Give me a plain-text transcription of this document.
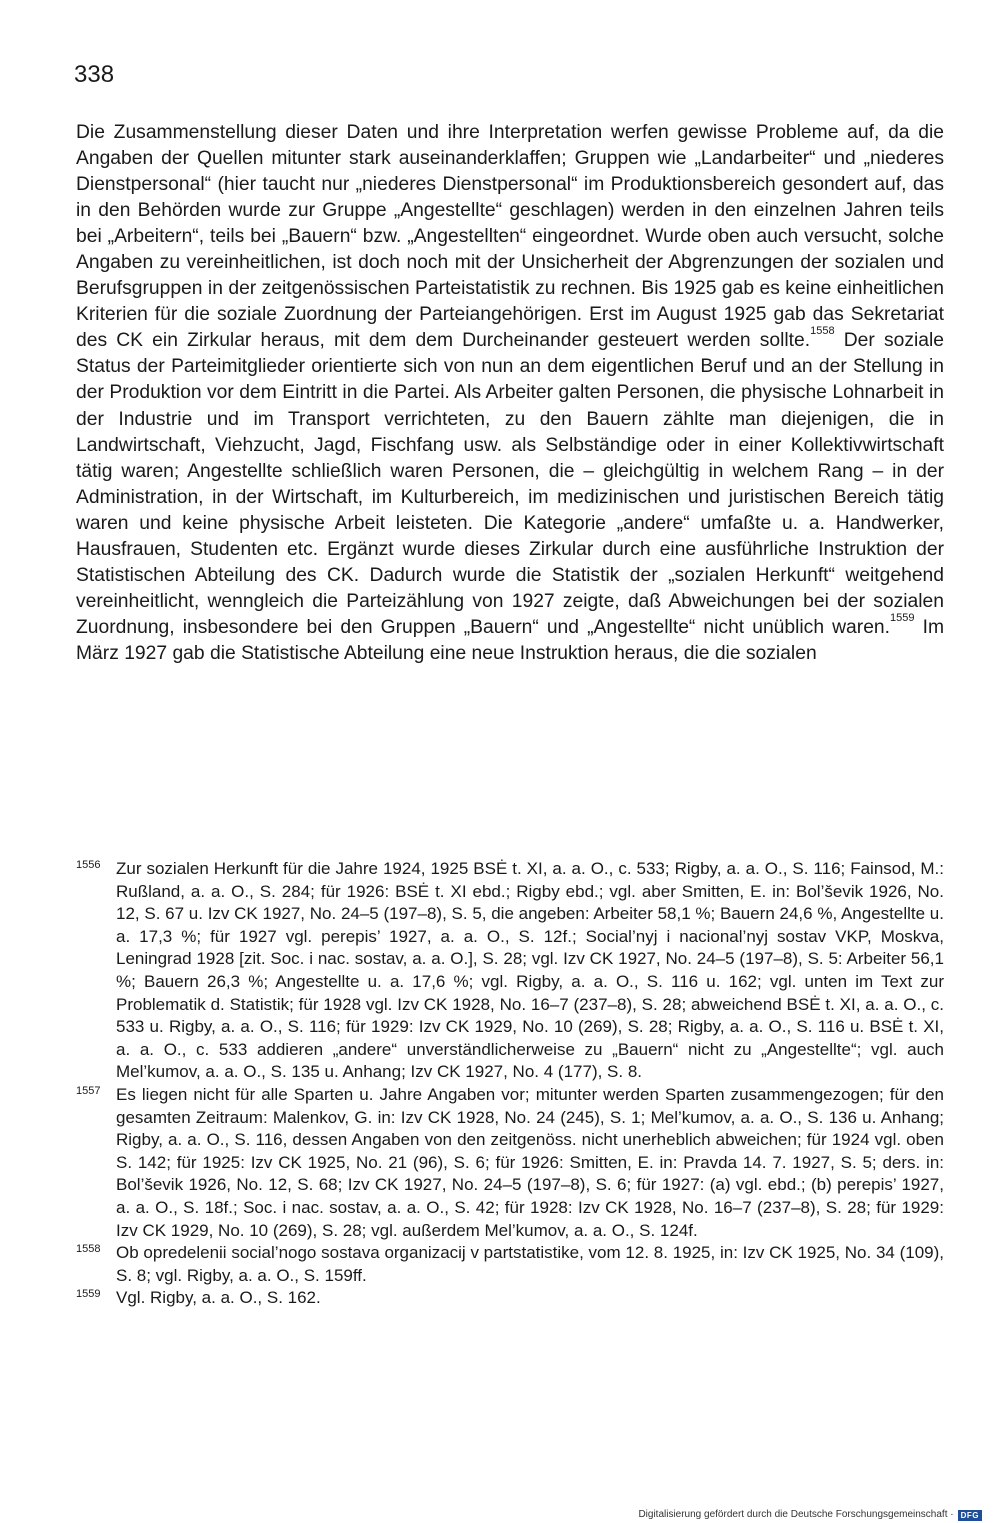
338

Die Zusammenstellung dieser Daten und ihre Interpretation werfen gewisse Probleme auf, da die Angaben der Quellen mitunter stark auseinanderklaffen; Gruppen wie „Landarbeiter“ und „niederes Dienstpersonal“ (hier taucht nur „niederes Dienstpersonal“ im Produktionsbereich gesondert auf, das in den Behörden wurde zur Gruppe „Angestellte“ geschlagen) werden in den einzelnen Jahren teils bei „Arbeitern“, teils bei „Bauern“ bzw. „Angestellten“ eingeordnet. Wurde oben auch versucht, solche Angaben zu vereinheitlichen, ist doch noch mit der Unsicherheit der Abgrenzungen der sozialen und Berufsgruppen in der zeitgenössischen Parteistatistik zu rechnen. Bis 1925 gab es keine einheitlichen Kriterien für die soziale Zuordnung der Parteiangehörigen. Erst im August 1925 gab das Sekretariat des CK ein Zirkular heraus, mit dem dem Durcheinander gesteuert werden sollte.$^{1558}$ Der soziale Status der Parteimitglieder orientierte sich von nun an dem eigentlichen Beruf und an der Stellung in der Produktion vor dem Eintritt in die Partei. Als Arbeiter galten Personen, die physische Lohnarbeit in der Industrie und im Transport verrichteten, zu den Bauern zählte man diejenigen, die in Landwirtschaft, Viehzucht, Jagd, Fischfang usw. als Selbständige oder in einer Kollektivwirtschaft tätig waren; Angestellte schließlich waren Personen, die – gleichgültig in welchem Rang – in der Administration, in der Wirtschaft, im Kulturbereich, im medizinischen und juristischen Bereich tätig waren und keine physische Arbeit leisteten. Die Kategorie „andere“ umfaßte u. a. Handwerker, Hausfrauen, Studenten etc. Ergänzt wurde dieses Zirkular durch eine ausführliche Instruktion der Statistischen Abteilung des CK. Dadurch wurde die Statistik der „sozialen Herkunft“ weitgehend vereinheitlicht, wenngleich die Parteizählung von 1927 zeigte, daß Abweichungen bei der sozialen Zuordnung, insbesondere bei den Gruppen „Bauern“ und „Angestellte“ nicht unüblich waren.$^{1559}$ Im März 1927 gab die Statistische Abteilung eine neue Instruktion heraus, die die sozialen

1556 Zur sozialen Herkunft für die Jahre 1924, 1925 BSĖ t. XI, a. a. O., c. 533; Rigby, a. a. O., S. 116; Fainsod, M.: Rußland, a. a. O., S. 284; für 1926: BSĖ t. XI ebd.; Rigby ebd.; vgl. aber Smitten, E. in: Bol’ševik 1926, No. 12, S. 67 u. Izv CK 1927, No. 24–5 (197–8), S. 5, die angeben: Arbeiter 58,1 %; Bauern 24,6 %, Angestellte u. a. 17,3 %; für 1927 vgl. perepis’ 1927, a. a. O., S. 12f.; Social’nyj i nacional’nyj sostav VKP, Moskva, Leningrad 1928 [zit. Soc. i nac. sostav, a. a. O.], S. 28; vgl. Izv CK 1927, No. 24–5 (197–8), S. 5: Arbeiter 56,1 %; Bauern 26,3 %; Angestellte u. a. 17,6 %; vgl. Rigby, a. a. O., S. 116 u. 162; vgl. unten im Text zur Problematik d. Statistik; für 1928 vgl. Izv CK 1928, No. 16–7 (237–8), S. 28; abweichend BSĖ t. XI, a. a. O., c. 533 u. Rigby, a. a. O., S. 116; für 1929: Izv CK 1929, No. 10 (269), S. 28; Rigby, a. a. O., S. 116 u. BSĖ t. XI, a. a. O., c. 533 addieren „andere“ unverständlicherweise zu „Bauern“ nicht zu „Angestellte“; vgl. auch Mel’kumov, a. a. O., S. 135 u. Anhang; Izv CK 1927, No. 4 (177), S. 8.
1557 Es liegen nicht für alle Sparten u. Jahre Angaben vor; mitunter werden Sparten zusammengezogen; für den gesamten Zeitraum: Malenkov, G. in: Izv CK 1928, No. 24 (245), S. 1; Mel’kumov, a. a. O., S. 136 u. Anhang; Rigby, a. a. O., S. 116, dessen Angaben von den zeitgenöss. nicht unerheblich abweichen; für 1924 vgl. oben S. 142; für 1925: Izv CK 1925, No. 21 (96), S. 6; für 1926: Smitten, E. in: Pravda 14. 7. 1927, S. 5; ders. in: Bol’ševik 1926, No. 12, S. 68; Izv CK 1927, No. 24–5 (197–8), S. 6; für 1927: (a) vgl. ebd.; (b) perepis’ 1927, a. a. O., S. 18f.; Soc. i nac. sostav, a. a. O., S. 42; für 1928: Izv CK 1928, No. 16–7 (237–8), S. 28; für 1929: Izv CK 1929, No. 10 (269), S. 28; vgl. außerdem Mel’kumov, a. a. O., S. 124f.
1558 Ob opredelenii social’nogo sostava organizacij v partstatistike, vom 12. 8. 1925, in: Izv CK 1925, No. 34 (109), S. 8; vgl. Rigby, a. a. O., S. 159ff.
1559 Vgl. Rigby, a. a. O., S. 162.
Digitalisierung gefördert durch die Deutsche Forschungsgemeinschaft · DFG
